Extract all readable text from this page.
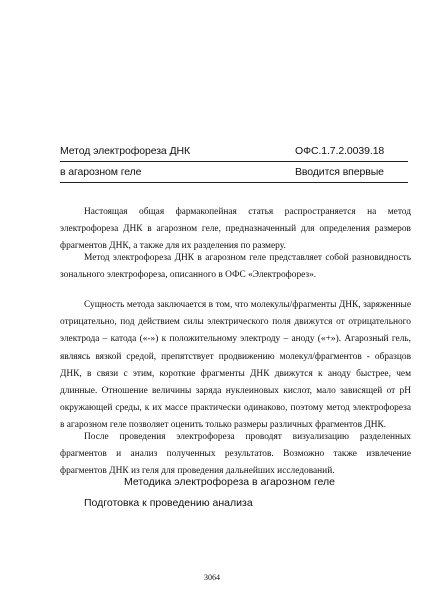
Метод электрофореза ДНК	ОФС.1.7.2.0039.18
в агарозном геле	Вводится впервые

Настоящая общая фармакопейная статья распространяется на метод электрофореза ДНК в агарозном геле, предназначенный для определения размеров фрагментов ДНК, а также для их разделения по размеру.

Метод электрофореза ДНК в агарозном геле представляет собой разновидность зонального электрофореза, описанного в ОФС «Электрофорез».

Сущность метода заключается в том, что молекулы/фрагменты ДНК, заряженные отрицательно, под действием силы электрического поля движутся от отрицательного электрода – катода («-») к положительному электроду – аноду («+»). Агарозный гель, являясь вязкой средой, препятствует продвижению молекул/фрагментов - образцов ДНК, в связи с этим, короткие фрагменты ДНК движутся к аноду быстрее, чем длинные. Отношение величины заряда нуклеиновых кислот, мало зависящей от pH окружающей среды, к их массе практически одинаково, поэтому метод электрофореза в агарозном геле позволяет оценить только размеры различных фрагментов ДНК.

После проведения электрофореза проводят визуализацию разделенных фрагментов и анализ полученных результатов. Возможно также извлечение фрагментов ДНК из геля для проведения дальнейших исследований.

Методика электрофореза в агарозном геле
Подготовка к проведению анализа
3064
